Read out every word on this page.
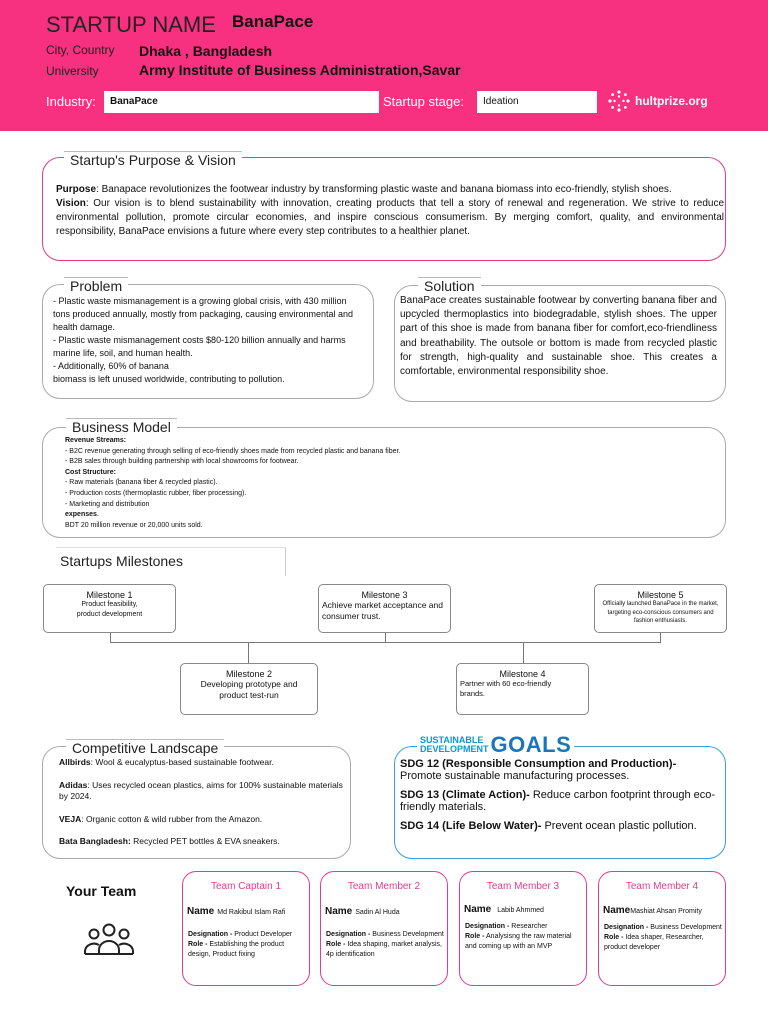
STARTUP NAME BanaPace
City, Country Dhaka , Bangladesh
University	Army Institute of Business Administration,Savar
Industry:	BanaPace	Startup stage:	Ideation	hultprize.org
Startup's Purpose & Vision
Purpose: Banapace revolutionizes the footwear industry by transforming plastic waste and banana biomass into eco-friendly, stylish shoes.
Vision: Our vision is to blend sustainability with innovation, creating products that tell a story of renewal and regeneration. We strive to reduce environmental pollution, promote circular economies, and inspire conscious consumerism. By merging comfort, quality, and environmental responsibility, BanaPace envisions a future where every step contributes to a healthier planet.
Problem
- Plastic waste mismanagement is a growing global crisis, with 430 million tons produced annually, mostly from packaging, causing environmental and health damage.
- Plastic waste mismanagement costs $80-120 billion annually and harms marine life, soil, and human health.
- Additionally, 60% of banana
biomass is left unused worldwide, contributing to pollution.
Solution
BanaPace creates sustainable footwear by converting banana fiber and upcycled thermoplastics into biodegradable, stylish shoes. The upper part of this shoe is made from banana fiber for comfort,eco-friendliness and breathability. The outsole or bottom is made from recycled plastic for strength, high-quality and sustainable shoe. This creates a comfortable, environmental responsibility shoe.
Business Model
Revenue Streams:
- B2C revenue generating through selling of eco-friendly shoes made from recycled plastic and banana fiber.
- B2B sales through building partnership with local showrooms for footwear.
Cost Structure:
- Raw materials (banana fiber & recycled plastic).
- Production costs (thermoplastic rubber, fiber processing).
- Marketing and distribution
expenses.
BDT 20 million revenue or 20,000 units sold.
Startups Milestones
Milestone 1
Product feasibility, product development
Milestone 3
Achieve market acceptance and consumer trust.
Milestone 5
Officially launched BanaPace in the market, targeting eco-conscious consumers and fashion enthusiasts.
Milestone 2
Developing prototype and product test-run
Milestone 4
Partner with 60 eco-friendly brands.
Competitive Landscape

Allbirds: Wool & eucalyptus-based sustainable footwear.

Adidas: Uses recycled ocean plastics, aims for 100% sustainable materials by 2024.

VEJA: Organic cotton & wild rubber from the Amazon.

Bata Bangladesh: Recycled PET bottles & EVA sneakers.

SUSTAINABLE
DEVELOPMENT GOALS

SDG 12 (Responsible Consumption and Production)- Promote sustainable manufacturing processes.

SDG 13 (Climate Action)- Reduce carbon footprint through eco-friendly materials.

SDG 14 (Life Below Water)- Prevent ocean plastic pollution.

Your Team	Team Captain 1
Name Md Rakibul Islam Rafi
Designation - Product Developer
Role - Establishing the product design, Product fixing
Team Member 2
Name Sadin Al Huda
Designation - Business Development
Role - Idea shaping, market analysis, 4p identification
Team Member 3
Name Labib Ahmmed
Designation - Researcher
Role - Analysisng the raw material and coming up with an MVP
Team Member 4
NameMashiat Ahsan Promity
Designation - Business Development
Role - Idea shaper, Researcher, product developer
